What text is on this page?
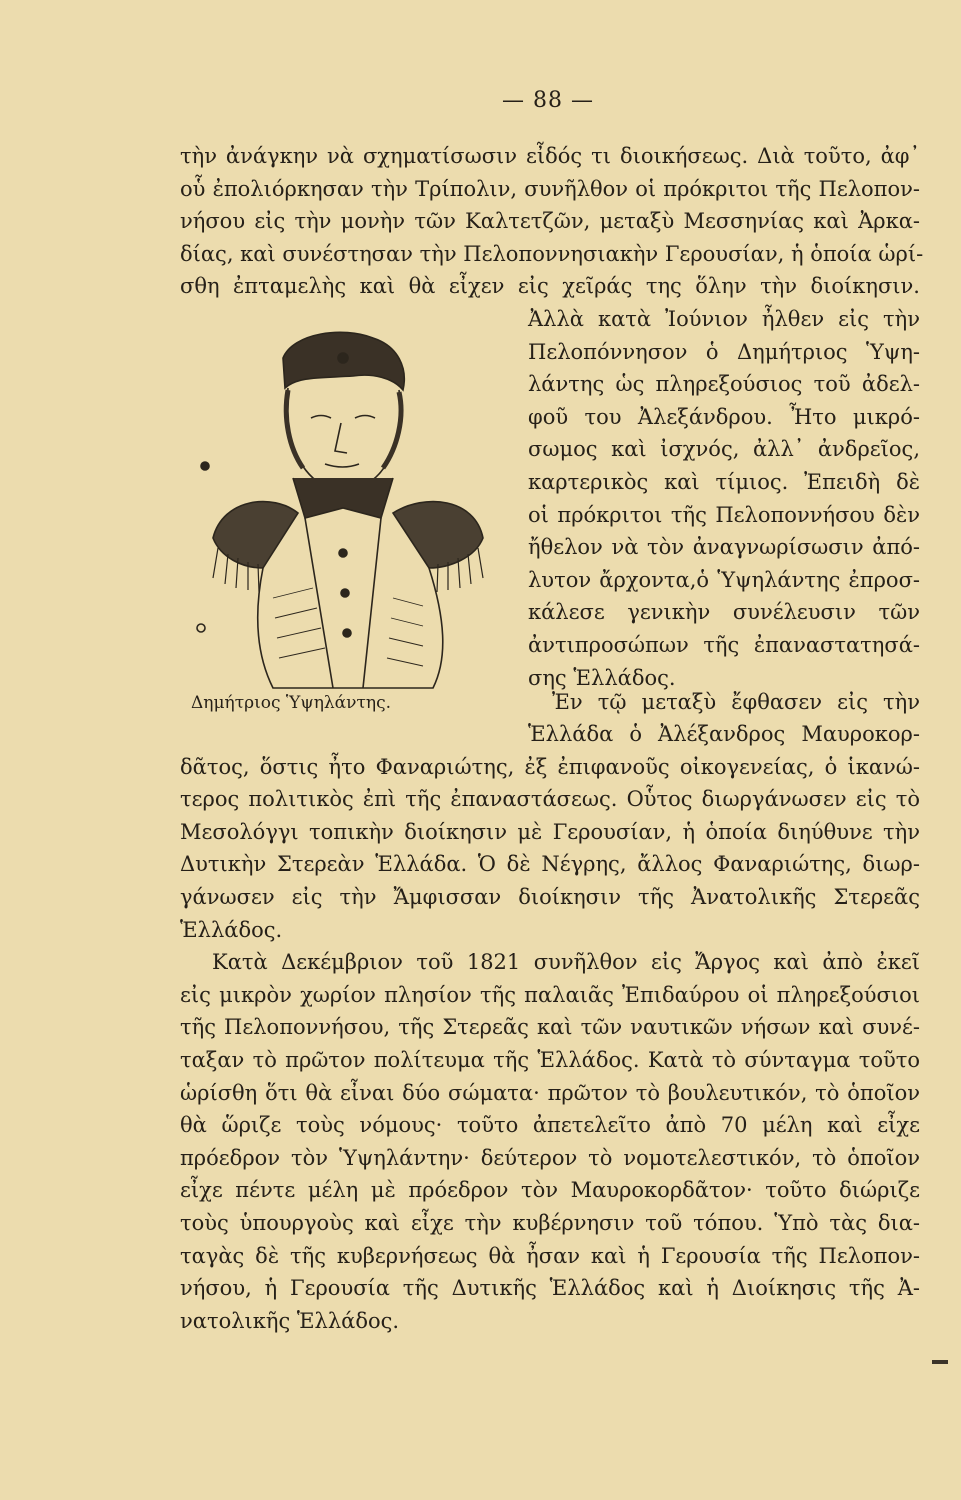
— 88 —
τὴν ἀνάγκην νὰ σχηματίσωσιν εἶδός τι διοικήσεως. Διὰ τοῦτο, ἀφ᾽
οὗ ἐπολιόρκησαν τὴν Τρίπολιν, συνῆλθον οἱ πρόκριτοι τῆς Πελοπον-
νήσου εἰς τὴν μονὴν τῶν Καλτετζῶν, μεταξὺ Μεσσηνίας καὶ Ἀρκα-
δίας, καὶ συνέστησαν τὴν Πελοποννησιακὴν Γερουσίαν, ἡ ὁποία ὡρί-
σθη ἐπταμελὴς καὶ θὰ εἶχεν εἰς χεῖράς της ὅλην τὴν διοίκησιν.
Ἀλλὰ κατὰ Ἰούνιον ἦλθεν εἰς τὴν
Πελοπόννησον ὁ Δημήτριος Ὑψη-
λάντης ὡς πληρεξούσιος τοῦ ἀδελ-
φοῦ του Ἀλεξάνδρου. Ἦτο μικρό-
σωμος καὶ ἰσχνός, ἀλλ᾽ ἀνδρεῖος,
καρτερικὸς καὶ τίμιος. Ἐπειδὴ δὲ
οἱ πρόκριτοι τῆς Πελοποννήσου δὲν
ἤθελον νὰ τὸν ἀναγνωρίσωσιν ἀπό-
λυτον ἄρχοντα,ὁ Ὑψηλάντης ἐπροσ-
κάλεσε γενικὴν συνέλευσιν τῶν
ἀντιπροσώπων τῆς ἐπαναστατησά-
σης Ἑλλάδος.
Ἐν τῷ μεταξὺ ἔφθασεν εἰς τὴν
Δημήτριος Ὑψηλάντης.
Ἑλλάδα ὁ Ἀλέξανδρος Μαυροκορ-
δᾶτος, ὅστις ἦτο Φαναριώτης, ἐξ ἐπιφανοῦς οἰκογενείας, ὁ ἱκανώ-
τερος πολιτικὸς ἐπὶ τῆς ἐπαναστάσεως. Οὗτος διωργάνωσεν εἰς τὸ
Μεσολόγγι τοπικὴν διοίκησιν μὲ Γερουσίαν, ἡ ὁποία διηύθυνε τὴν
Δυτικὴν Στερεὰν Ἑλλάδα. Ὁ δὲ Νέγρης, ἄλλος Φαναριώτης, διωρ-
γάνωσεν εἰς τὴν Ἄμφισσαν διοίκησιν τῆς Ἀνατολικῆς Στερεᾶς
Ἑλλάδος.
Κατὰ Δεκέμβριον τοῦ 1821 συνῆλθον εἰς Ἄργος καὶ ἀπὸ ἐκεῖ
εἰς μικρὸν χωρίον πλησίον τῆς παλαιᾶς Ἐπιδαύρου οἱ πληρεξούσιοι
τῆς Πελοποννήσου, τῆς Στερεᾶς καὶ τῶν ναυτικῶν νήσων καὶ συνέ-
ταξαν τὸ πρῶτον πολίτευμα τῆς Ἑλλάδος. Κατὰ τὸ σύνταγμα τοῦτο
ὡρίσθη ὅτι θὰ εἶναι δύο σώματα· πρῶτον τὸ βουλευτικόν, τὸ ὁποῖον
θὰ ὥριζε τοὺς νόμους· τοῦτο ἀπετελεῖτο ἀπὸ 70 μέλη καὶ εἶχε
πρόεδρον τὸν Ὑψηλάντην· δεύτερον τὸ νομοτελεστικόν, τὸ ὁποῖον
εἶχε πέντε μέλη μὲ πρόεδρον τὸν Μαυροκορδᾶτον· τοῦτο διώριζε
τοὺς ὑπουργοὺς καὶ εἶχε τὴν κυβέρνησιν τοῦ τόπου. Ὑπὸ τὰς δια-
ταγὰς δὲ τῆς κυβερνήσεως θὰ ἦσαν καὶ ἡ Γερουσία τῆς Πελοπον-
νήσου, ἡ Γερουσία τῆς Δυτικῆς Ἑλλάδος καὶ ἡ Διοίκησις τῆς Ἀ-
νατολικῆς Ἑλλάδος.
